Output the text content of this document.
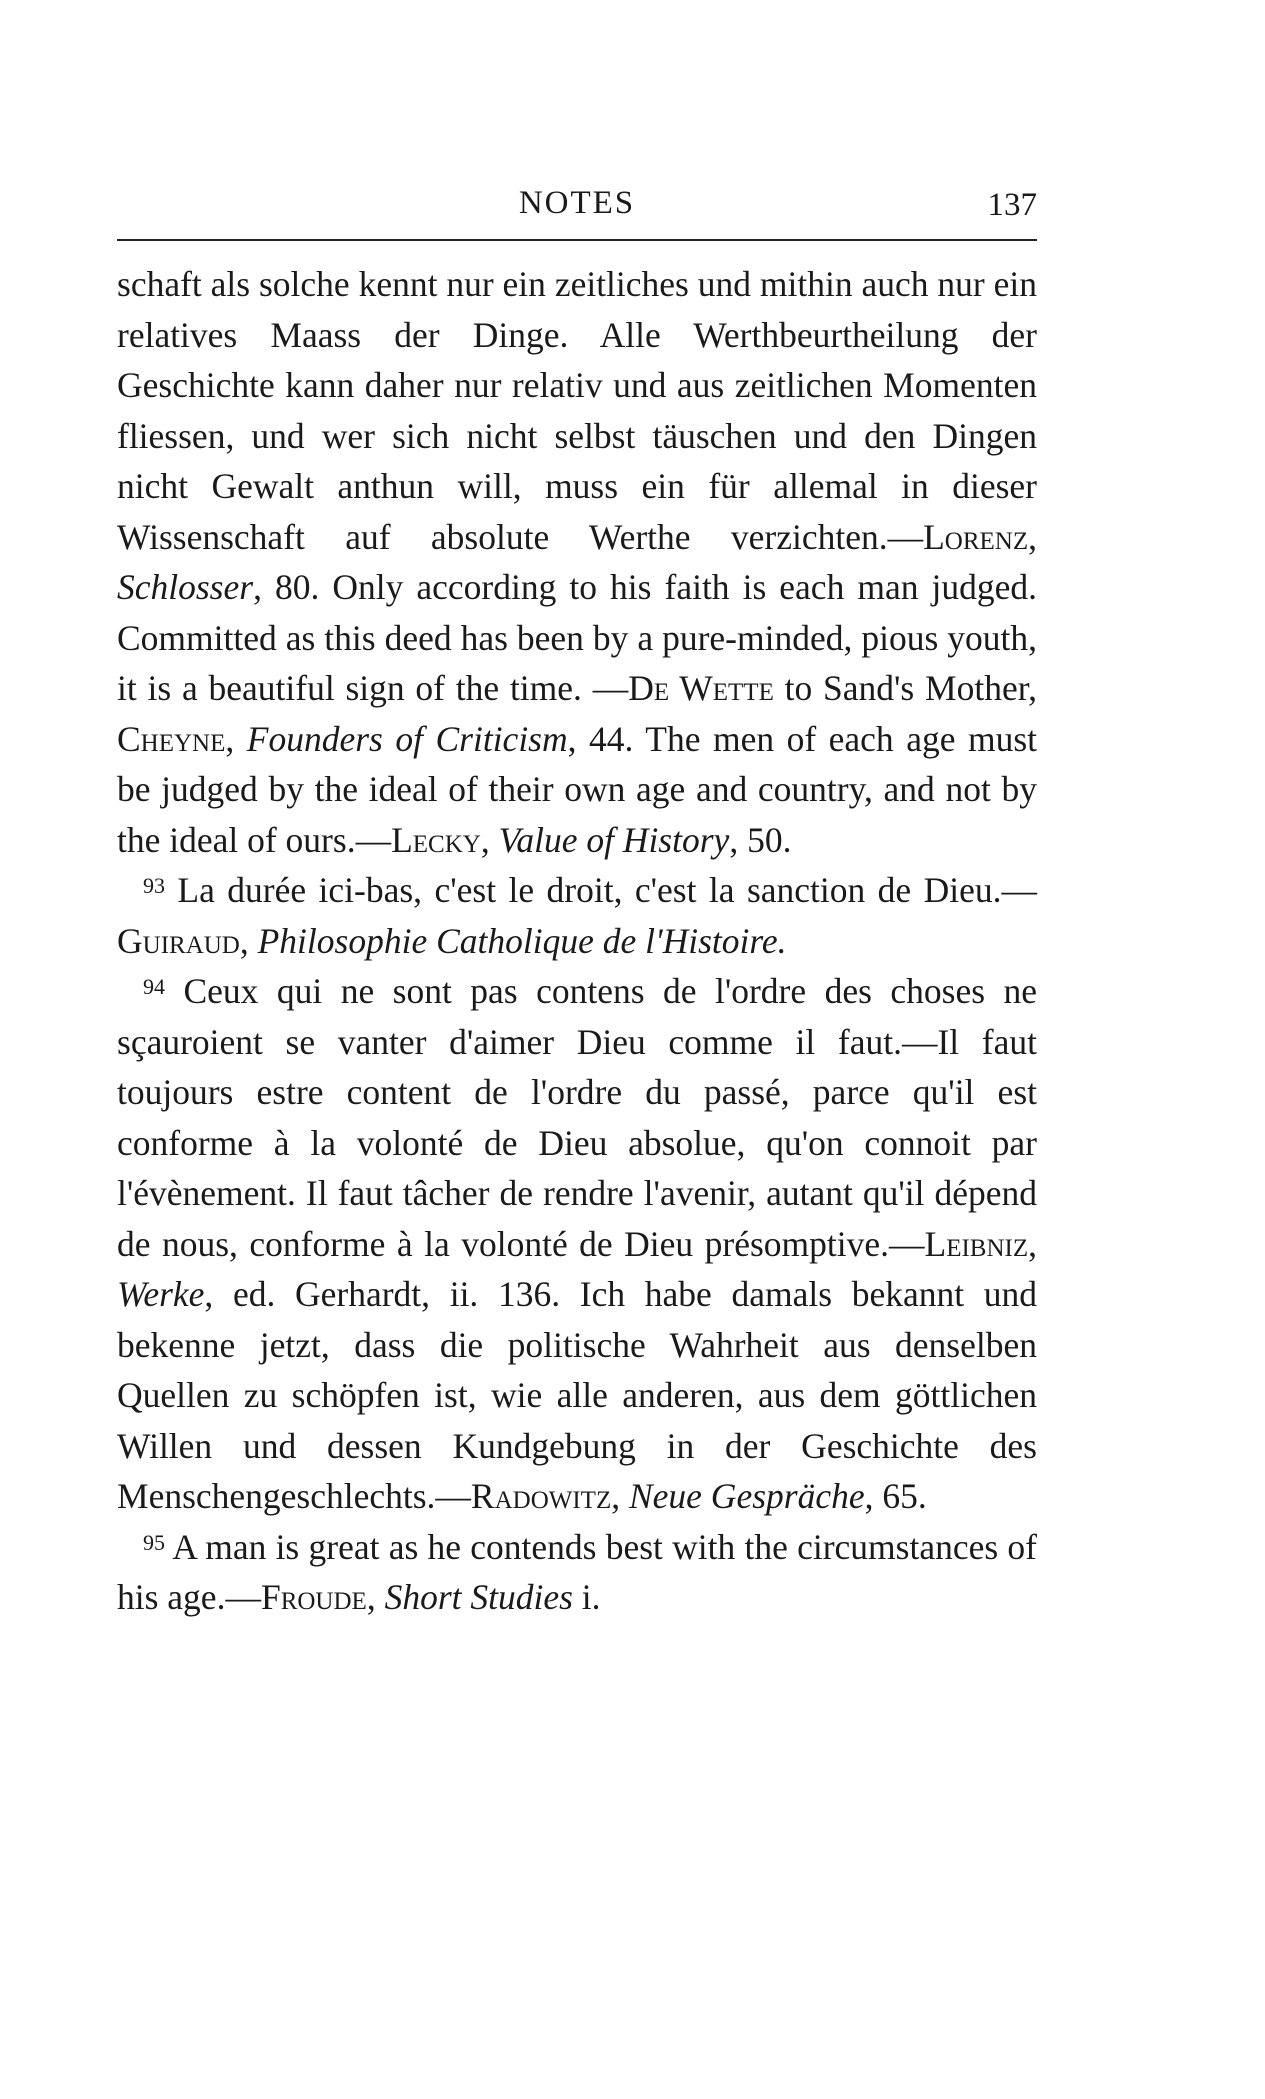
NOTES	137

schaft als solche kennt nur ein zeitliches und mithin auch nur ein relatives Maass der Dinge. Alle Werthbeurtheilung der Geschichte kann daher nur relativ und aus zeitlichen Momenten fliessen, und wer sich nicht selbst täuschen und den Dingen nicht Gewalt anthun will, muss ein für allemal in dieser Wissenschaft auf absolute Werthe verzichten.—Lorenz, Schlosser, 80. Only according to his faith is each man judged. Committed as this deed has been by a pure-minded, pious youth, it is a beautiful sign of the time. —De Wette to Sand's Mother, Cheyne, Founders of Criticism, 44. The men of each age must be judged by the ideal of their own age and country, and not by the ideal of ours.—Lecky, Value of History, 50.

$^{93}$ La durée ici-bas, c'est le droit, c'est la sanction de Dieu.—Guiraud, Philosophie Catholique de l'Histoire.

$^{94}$ Ceux qui ne sont pas contens de l'ordre des choses ne sçauroient se vanter d'aimer Dieu comme il faut.—Il faut toujours estre content de l'ordre du passé, parce qu'il est conforme à la volonté de Dieu absolue, qu'on connoit par l'évènement. Il faut tâcher de rendre l'avenir, autant qu'il dépend de nous, conforme à la volonté de Dieu présomptive.—Leibniz, Werke, ed. Gerhardt, ii. 136. Ich habe damals bekannt und bekenne jetzt, dass die politische Wahrheit aus denselben Quellen zu schöpfen ist, wie alle anderen, aus dem göttlichen Willen und dessen Kundgebung in der Geschichte des Menschengeschlechts.—Radowitz, Neue Gespräche, 65.

$^{95}$ A man is great as he contends best with the circumstances of his age.—Froude, Short Studies i.
